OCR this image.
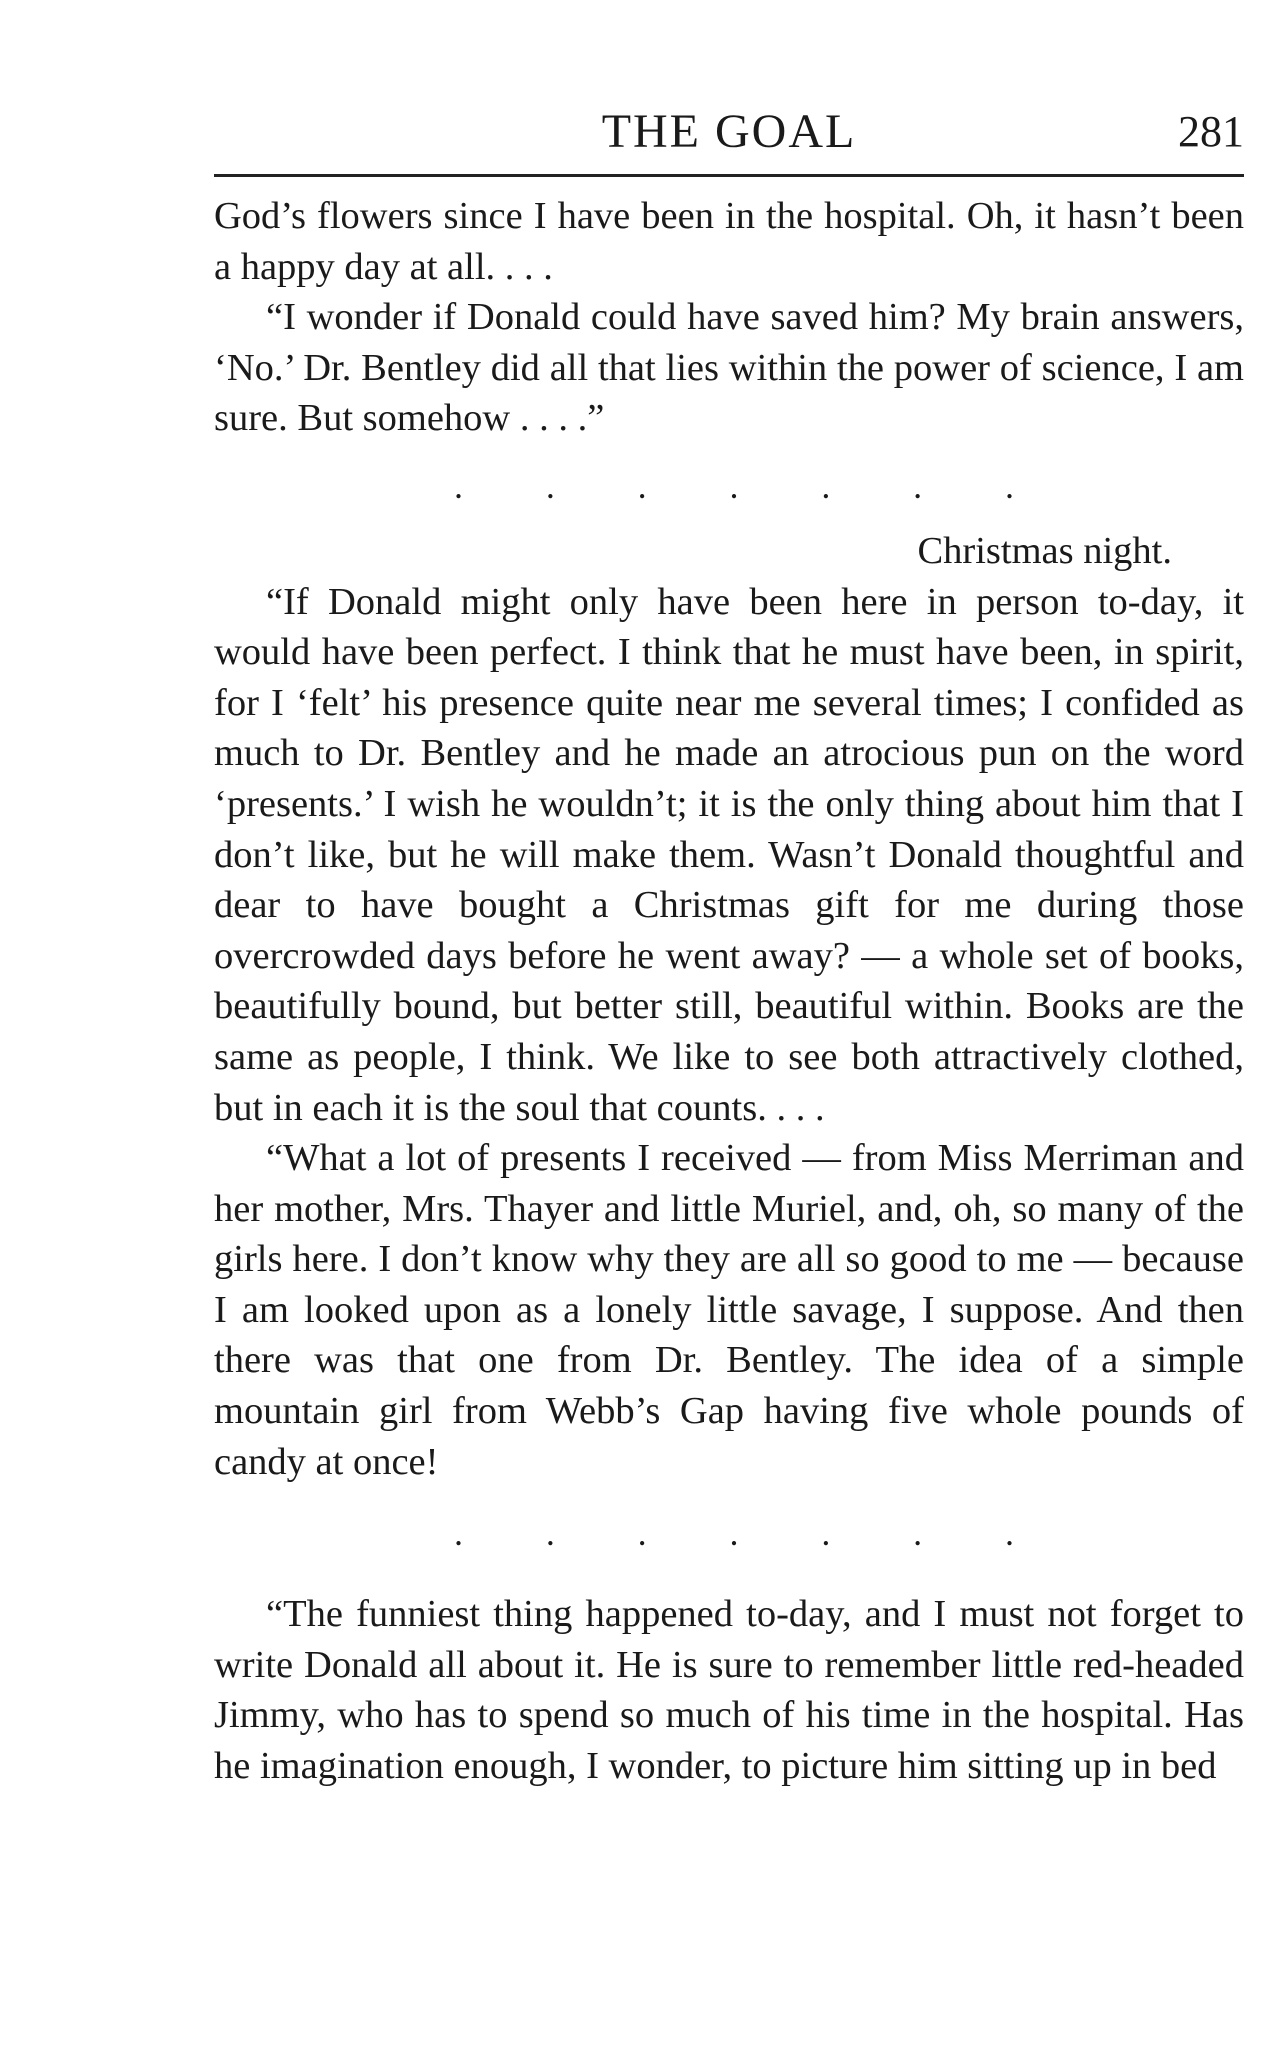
THE GOAL	281

God’s flowers since I have been in the hospital. Oh, it hasn’t been a happy day at all. . . .

“I wonder if Donald could have saved him? My brain answers, ‘No.’ Dr. Bentley did all that lies within the power of science, I am sure. But somehow . . . .”

. . . . . . .
Christmas night.

“If Donald might only have been here in person to-day, it would have been perfect. I think that he must have been, in spirit, for I ‘felt’ his presence quite near me several times; I confided as much to Dr. Bentley and he made an atrocious pun on the word ‘presents.’ I wish he wouldn’t; it is the only thing about him that I don’t like, but he will make them. Wasn’t Donald thoughtful and dear to have bought a Christmas gift for me during those overcrowded days before he went away? — a whole set of books, beautifully bound, but better still, beautiful within. Books are the same as people, I think. We like to see both attractively clothed, but in each it is the soul that counts. . . .

“What a lot of presents I received — from Miss Merriman and her mother, Mrs. Thayer and little Muriel, and, oh, so many of the girls here. I don’t know why they are all so good to me — because I am looked upon as a lonely little savage, I suppose. And then there was that one from Dr. Bentley. The idea of a simple mountain girl from Webb’s Gap having five whole pounds of candy at once!

. . . . . . .

“The funniest thing happened to-day, and I must not forget to write Donald all about it. He is sure to remember little red-headed Jimmy, who has to spend so much of his time in the hospital. Has he imagination enough, I wonder, to picture him sitting up in bed
